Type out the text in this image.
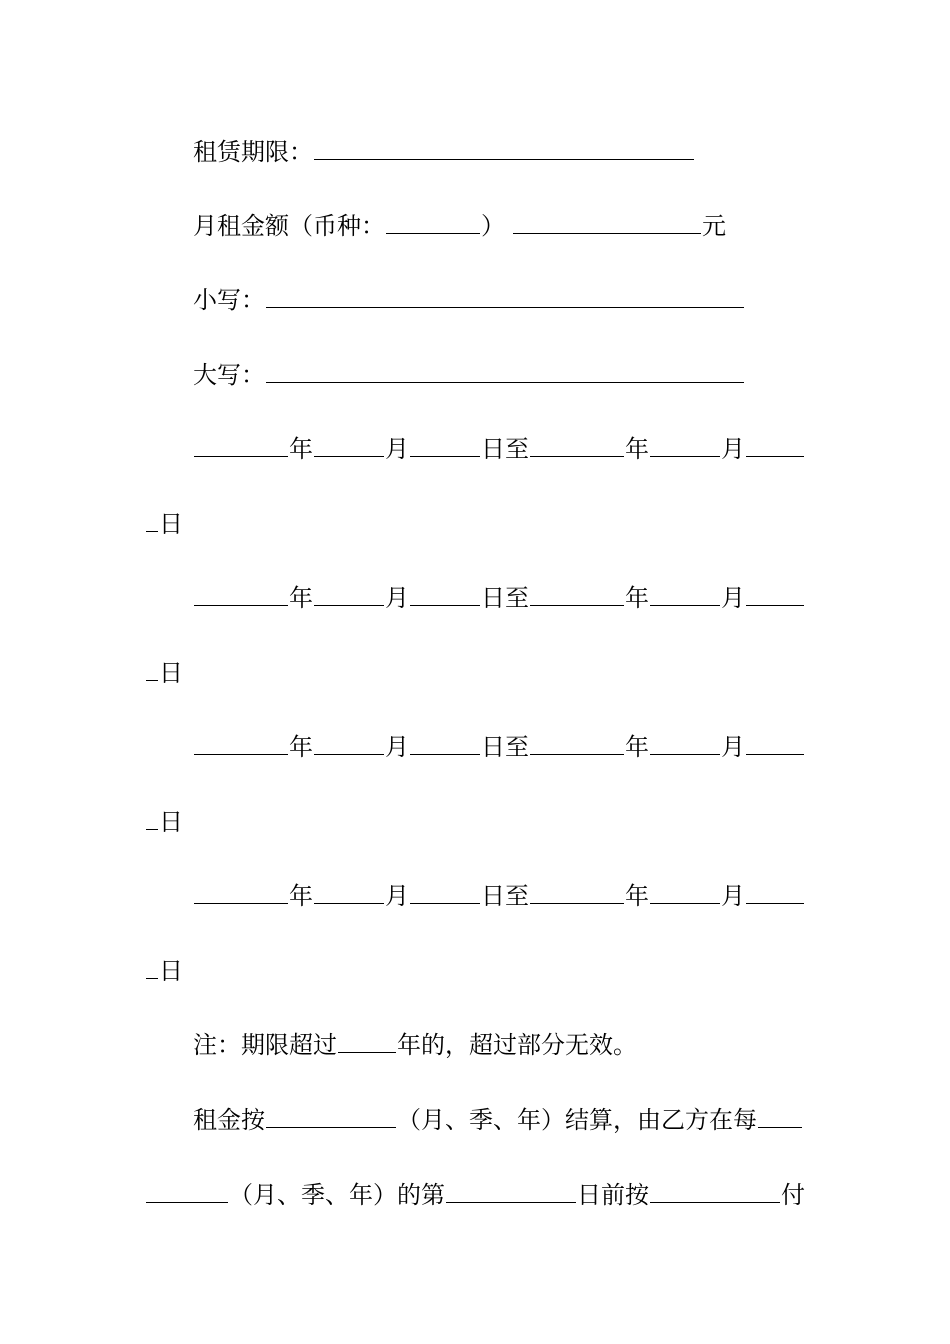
租赁期限：
月租金额（币种：	）	元
小写：
大写：
年	月	日至	年	月
日
年	月	日至	年	月
日
年	月	日至	年	月
日
年	月	日至	年	月
日
注：期限超过	年的，超过部分无效。
租金按	（月、季、年）结算，由乙方在每
（月、季、年）的第	日前按	付
